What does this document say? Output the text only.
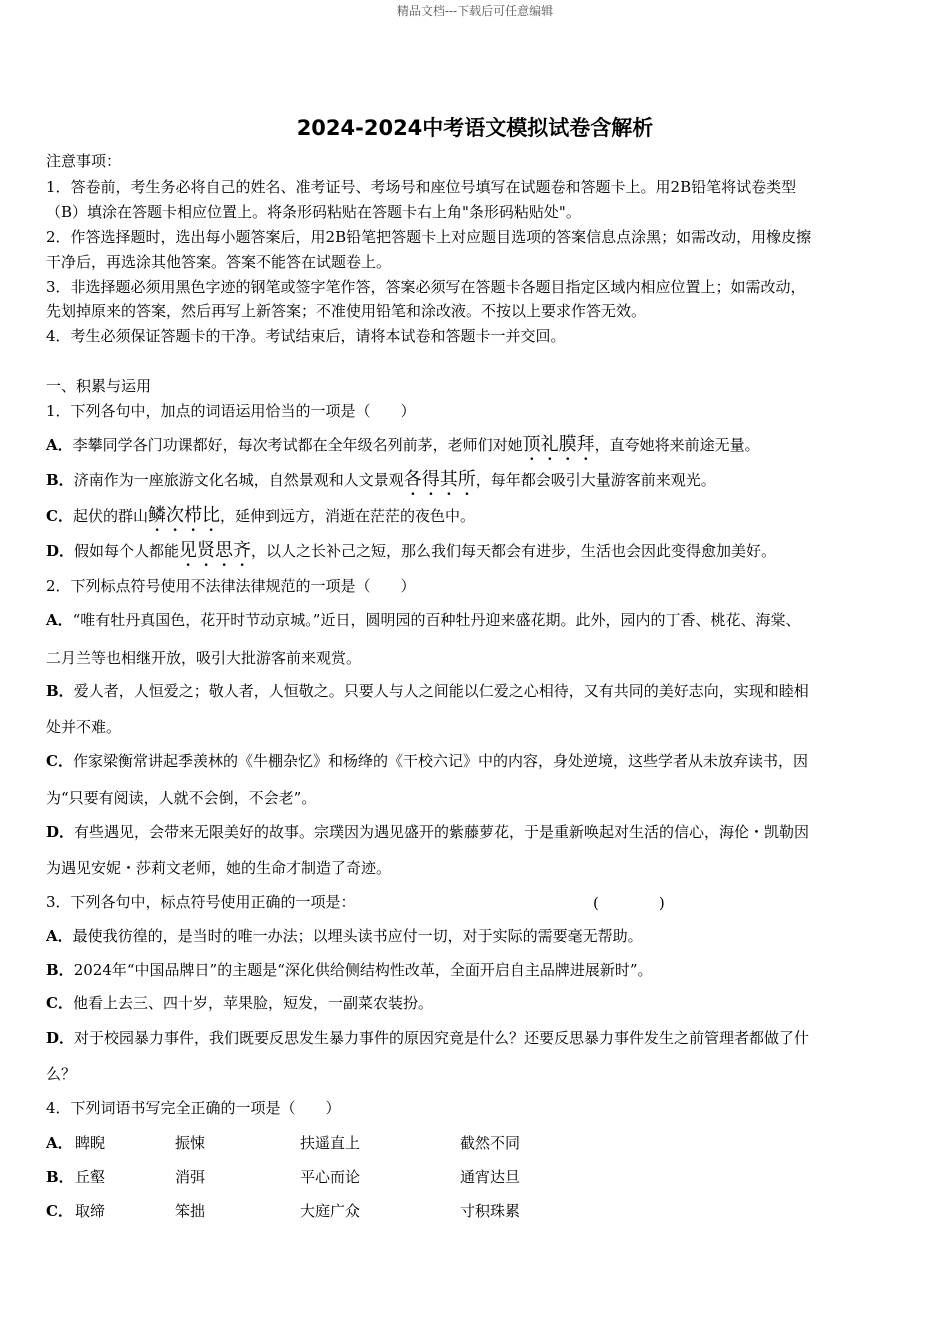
精品文档---下载后可任意编辑
2024-2024中考语文模拟试卷含解析
注意事项：
1．答卷前，考生务必将自己的姓名、准考证号、考场号和座位号填写在试题卷和答题卡上。用2B铅笔将试卷类型
（B）填涂在答题卡相应位置上。将条形码粘贴在答题卡右上角"条形码粘贴处"。
2．作答选择题时，选出每小题答案后，用2B铅笔把答题卡上对应题目选项的答案信息点涂黑；如需改动，用橡皮擦
干净后，再选涂其他答案。答案不能答在试题卷上。
3．非选择题必须用黑色字迹的钢笔或签字笔作答，答案必须写在答题卡各题目指定区域内相应位置上；如需改动，
先划掉原来的答案，然后再写上新答案；不准使用铅笔和涂改液。不按以上要求作答无效。
4．考生必须保证答题卡的干净。考试结束后，请将本试卷和答题卡一并交回。
一、积累与运用
1．下列各句中，加点的词语运用恰当的一项是（　　）
A．李攀同学各门功课都好，每次考试都在全年级名列前茅，老师们对她顶礼膜拜，直夸她将来前途无量。
B．济南作为一座旅游文化名城，自然景观和人文景观各得其所，每年都会吸引大量游客前来观光。
C．起伏的群山鳞次栉比，延伸到远方，消逝在茫茫的夜色中。
D．假如每个人都能见贤思齐，以人之长补己之短，那么我们每天都会有进步，生活也会因此变得愈加美好。
2．下列标点符号使用不法律法律规范的一项是（　　）
A．“唯有牡丹真国色，花开时节动京城。”近日，圆明园的百种牡丹迎来盛花期。此外，园内的丁香、桃花、海棠、
二月兰等也相继开放，吸引大批游客前来观赏。
B．爱人者，人恒爱之；敬人者，人恒敬之。只要人与人之间能以仁爱之心相待，又有共同的美好志向，实现和睦相
处并不难。
C．作家梁衡常讲起季羡林的《牛棚杂忆》和杨绛的《干校六记》中的内容，身处逆境，这些学者从未放弃读书，因
为“只要有阅读，人就不会倒，不会老”。
D．有些遇见，会带来无限美好的故事。宗璞因为遇见盛开的紫藤萝花，于是重新唤起对生活的信心，海伦・凯勒因
为遇见安妮・莎莉文老师，她的生命才制造了奇迹。
3．下列各句中，标点符号使用正确的一项是：	(　　　　)
A．最使我彷徨的，是当时的唯一办法；以埋头读书应付一切，对于实际的需要毫无帮助。
B．2024年“中国品牌日”的主题是“深化供给侧结构性改革，全面开启自主品牌进展新时”。
C．他看上去三、四十岁，苹果脸，短发，一副菜农装扮。
D．对于校园暴力事件，我们既要反思发生暴力事件的原因究竟是什么？还要反思暴力事件发生之前管理者都做了什
么？
4．下列词语书写完全正确的一项是（　　）
A． 睥睨	振悚	扶遥直上	截然不同
B． 丘壑	消弭	平心而论	通宵达旦
C． 取缔	笨拙	大庭广众	寸积珠累
